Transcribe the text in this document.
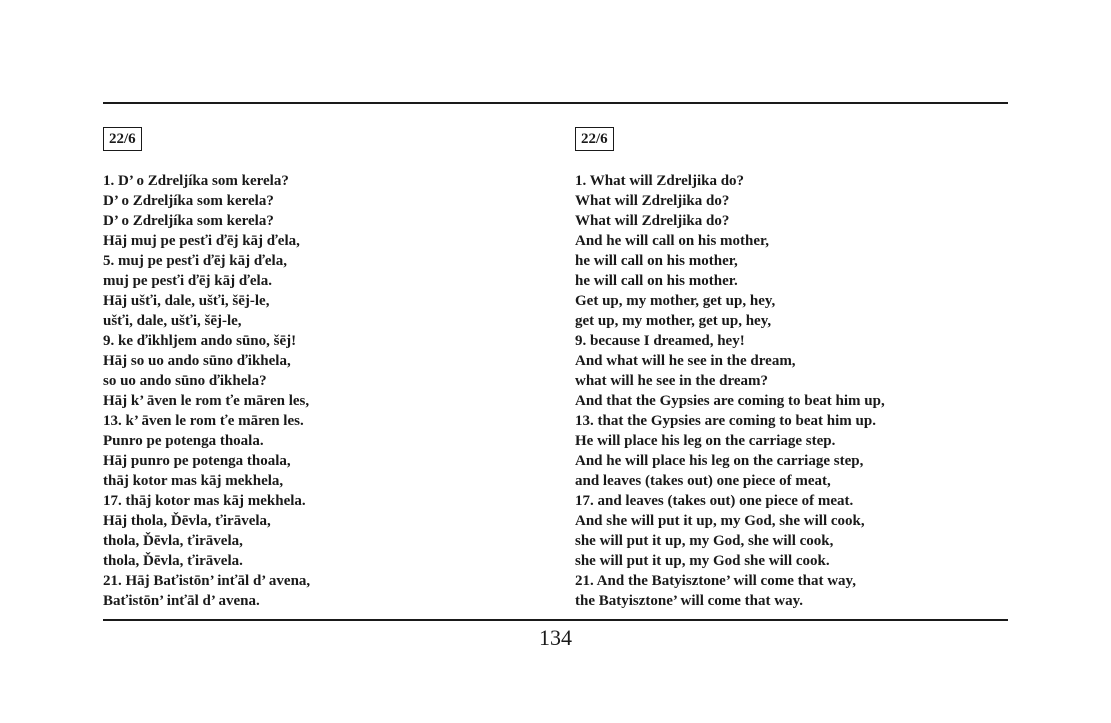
22/6
1. D’ o Zdreljíka som kerela?
D’ o Zdreljíka som kerela?
D’ o Zdreljíka som kerela?
Hāj muj pe pesťi ďēj kāj ďela,
5. muj pe pesťi ďēj kāj ďela,
muj pe pesťi ďēj kāj ďela.
Hāj ušťi, dale, ušťi, šēj-le,
ušťi, dale, ušťi, šēj-le,
9. ke ďikhljem ando sūno, šēj!
Hāj so uo ando sūno ďikhela,
so uo ando sūno ďikhela?
Hāj k’ āven le rom ťe māren les,
13. k’ āven le rom ťe māren les.
Punro pe potenga thoala.
Hāj punro pe potenga thoala,
thāj kotor mas kāj mekhela,
17. thāj kotor mas kāj mekhela.
Hāj thola, Ďēvla, ťirāvela,
thola, Ďēvla, ťirāvela,
thola, Ďēvla, ťirāvela.
21. Hāj Baťistōn’ inťāl d’ avena,
Baťistōn’ inťāl d’ avena.
22/6
1. What will Zdreljika do?
What will Zdreljika do?
What will Zdreljika do?
And he will call on his mother,
he will call on his mother,
he will call on his mother.
Get up, my mother, get up, hey,
get up, my mother, get up, hey,
9. because I dreamed, hey!
And what will he see in the dream,
what will he see in the dream?
And that the Gypsies are coming to beat him up,
13. that the Gypsies are coming to beat him up.
He will place his leg on the carriage step.
And he will place his leg on the carriage step,
and leaves (takes out) one piece of meat,
17. and leaves (takes out) one piece of meat.
And she will put it up, my God, she will cook,
she will put it up, my God, she will cook,
she will put it up, my God she will cook.
21. And the Batyisztone’ will come that way,
the Batyisztone’ will come that way.
134
